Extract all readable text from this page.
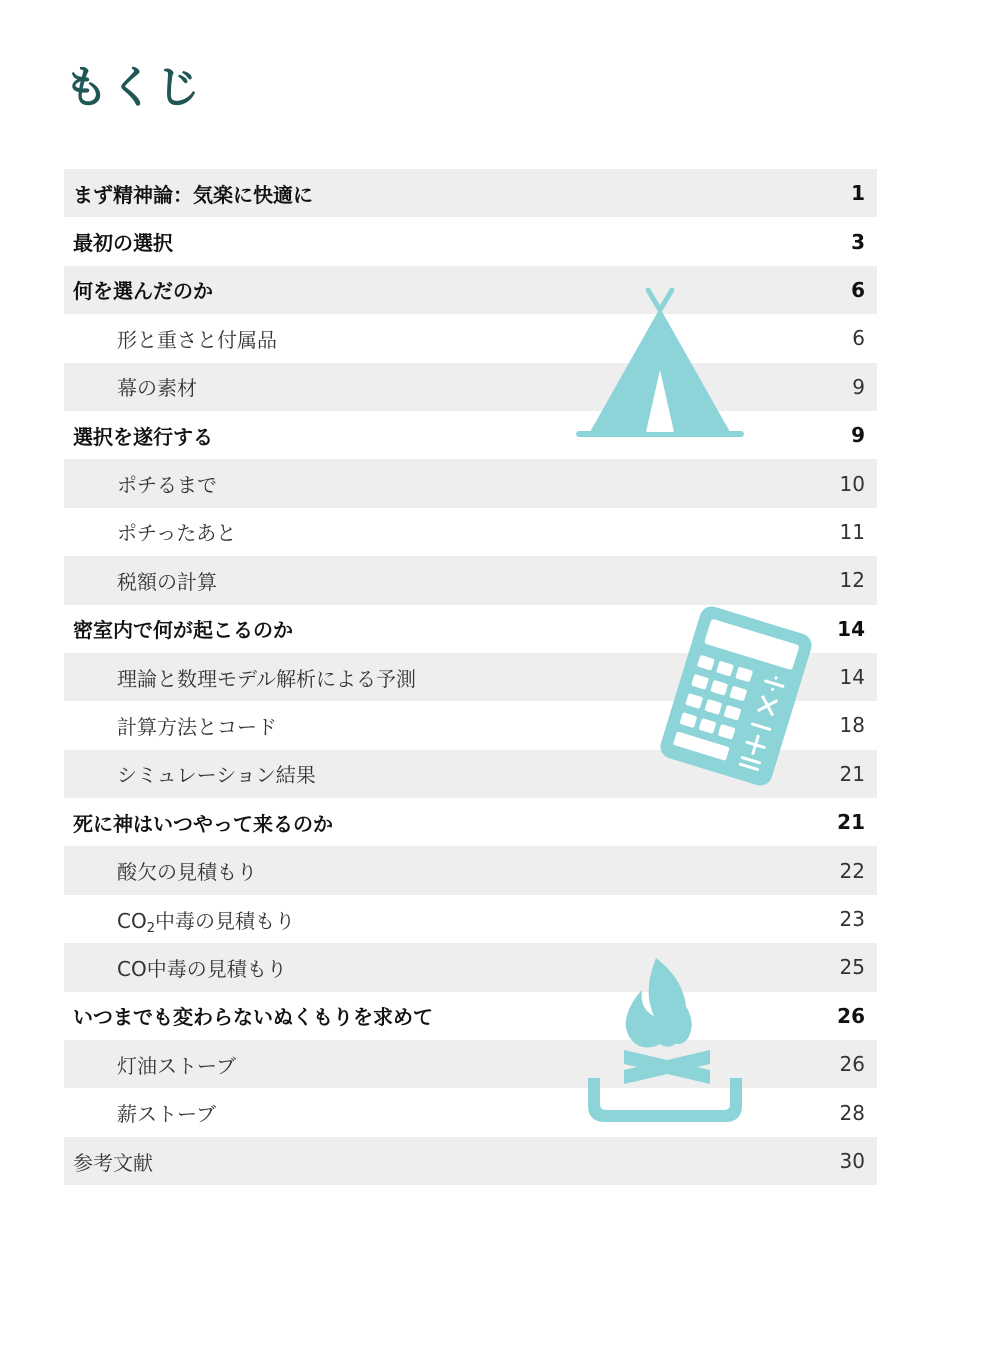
もくじ
まず精神論：気楽に快適に	1
最初の選択	3
何を選んだのか	6
形と重さと付属品	6
幕の素材	9
選択を遂行する	9
ポチるまで	10
ポチったあと	11
税額の計算	12
密室内で何が起こるのか	14
理論と数理モデル解析による予測	14
計算方法とコード	18
シミュレーション結果	21
死に神はいつやって来るのか	21
酸欠の見積もり	22
$CO_2$中毒の見積もり	23
CO中毒の見積もり	25
いつまでも変わらないぬくもりを求めて	26
灯油ストーブ	26
薪ストーブ	28
参考文献	30
